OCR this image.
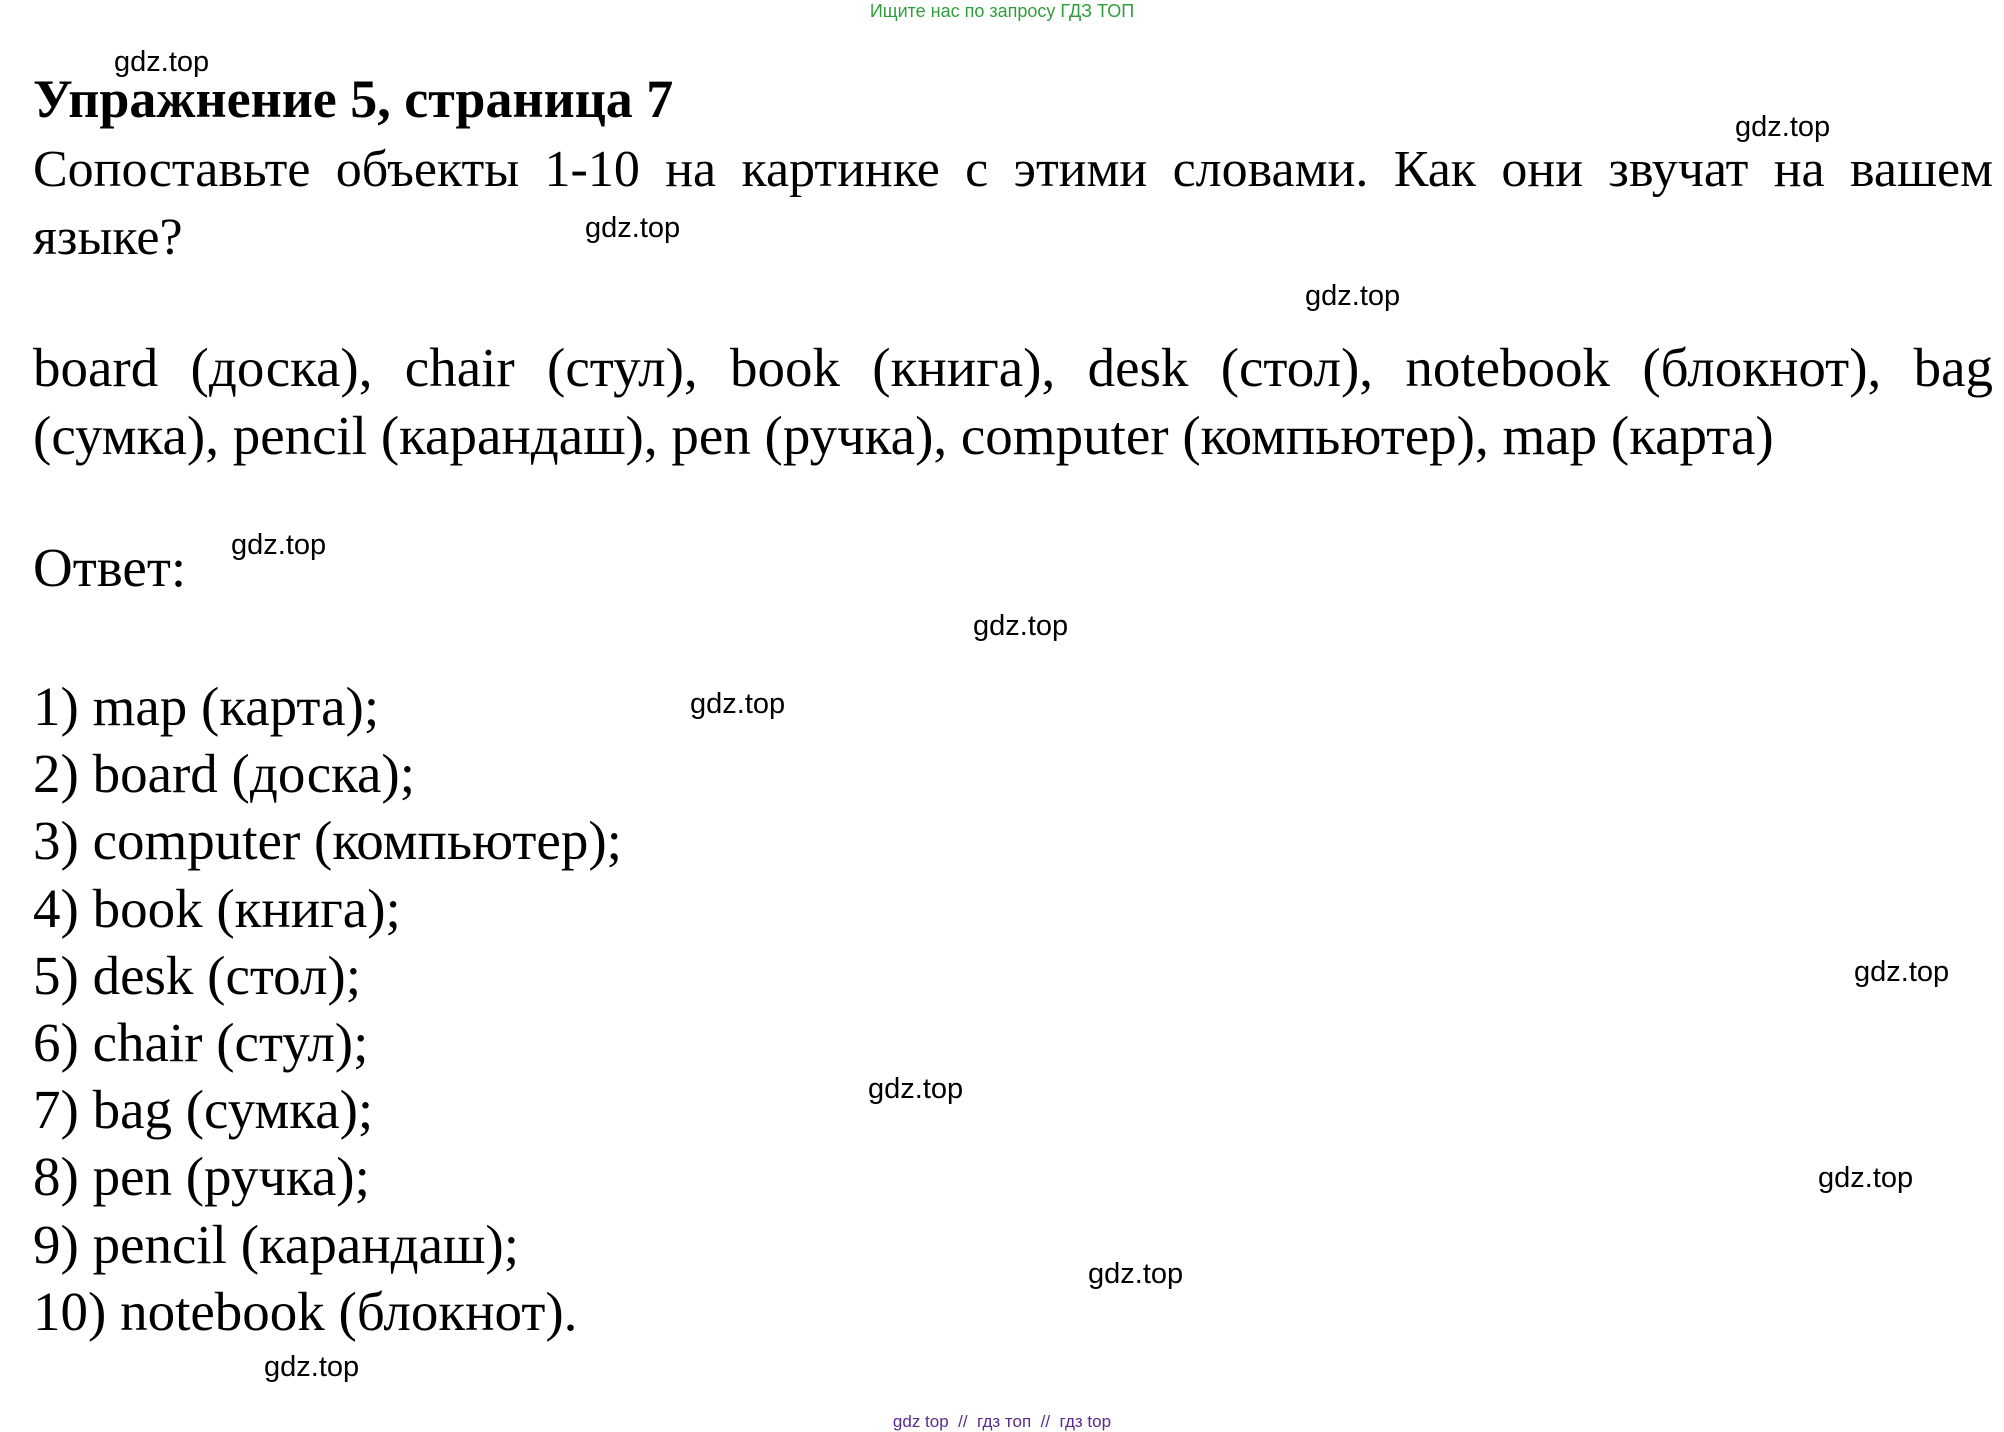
Ищите нас по запросу ГДЗ ТОП
Упражнение 5, страница 7
Сопоставьте объекты 1-10 на картинке с этими словами. Как они звучат на вашем языке?
board (доска), chair (стул), book (книга), desk (стол), notebook (блокнот), bag (сумка), pencil (карандаш), pen (ручка), computer (компьютер), map (карта)
Ответ:
1) map (карта);
2) board (доска);
3) computer (компьютер);
4) book (книга);
5) desk (стол);
6) chair (стул);
7) bag (сумка);
8) pen (ручка);
9) pencil (карандаш);
10) notebook (блокнот).
gdz.top
gdz.top
gdz.top
gdz.top
gdz.top
gdz.top
gdz.top
gdz.top
gdz.top
gdz.top
gdz.top
gdz.top
gdz top // гдз топ // гдз top
